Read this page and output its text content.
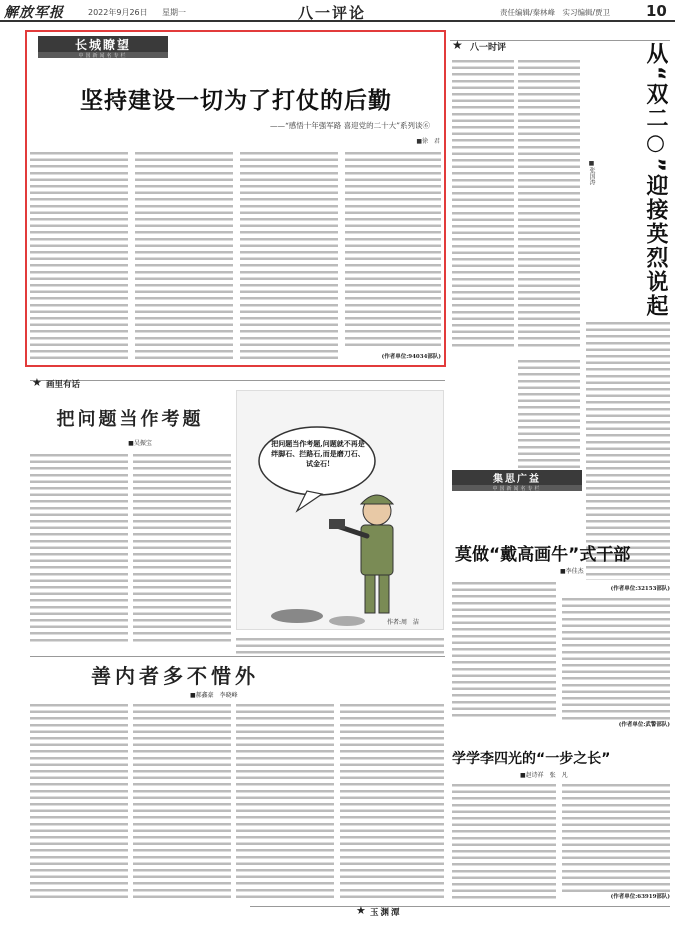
解放军报	2022年9月26日 星期一	八一评论	责任编辑/秦林峰　实习编辑/贾卫 10
长城瞭望
中国新闻名专栏
坚持建设一切为了打仗的后勤
——“感悟十年强军路 喜迎党的二十大”系列谈⑥
■徐　君
(作者单位:94034部队)
★ 八一时评	从“双二○”迎接英烈说起
■张国涛
(作者单位:32153部队)
★ 画里有话
把问题当作考题
■吴振宝	把问题当作考题,问题就不再是绊脚石、拦路石,而是磨刀石、试金石!
作者:周　洁
集思广益
中国新闻名专栏
莫做“戴高画牛”式干部
■李佳杰
(作者单位:武警部队)
善内者多不惜外
■郝鑫豪　李晓峰
学学李四光的“一步之长”
■赵诗祥　张　凡
(作者单位:63919部队)
★ 玉渊潭
